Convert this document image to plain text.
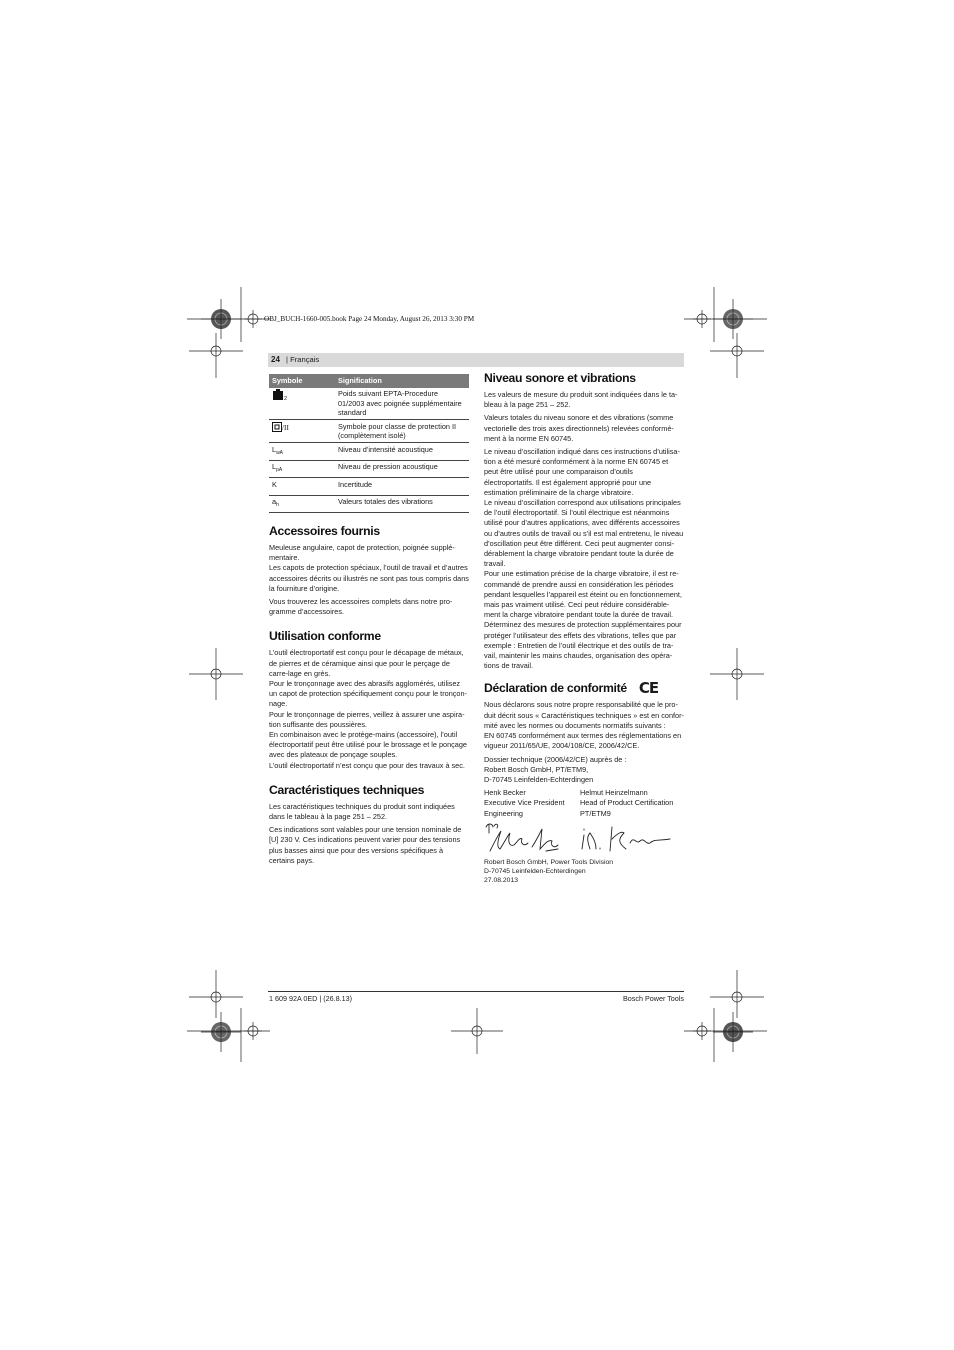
OBJ_BUCH-1660-005.book Page 24 Monday, August 26, 2013 3:30 PM
24 | Français
Symbole	Signification
2	Poids suivant EPTA-Procedure 01/2003 avec poignée supplémentaire standard
/II	Symbole pour classe de protection II (complètement isolé)
$L_{wA}$	Niveau d’intensité acoustique
$L_{pA}$	Niveau de pression acoustique
K	Incertitude
$a_h$	Valeurs totales des vibrations
Accessoires fournis

Meuleuse angulaire, capot de protection, poignée supplé-mentaire.

Les capots de protection spéciaux, l’outil de travail et d’autres accessoires décrits ou illustrés ne sont pas tous compris dans la fourniture d’origine.

Vous trouverez les accessoires complets dans notre pro-gramme d’accessoires.

Utilisation conforme

L’outil électroportatif est conçu pour le décapage de métaux, de pierres et de céramique ainsi que pour le perçage de carre-lage en grès.

Pour le tronçonnage avec des abrasifs agglomérés, utilisez un capot de protection spécifiquement conçu pour le tronçon-nage.

Pour le tronçonnage de pierres, veillez à assurer une aspira-tion suffisante des poussières.

En combinaison avec le protège-mains (accessoire), l’outil électroportatif peut être utilisé pour le brossage et le ponçage avec des plateaux de ponçage souples.

L’outil électroportatif n’est conçu que pour des travaux à sec.

Caractéristiques techniques

Les caractéristiques techniques du produit sont indiquées dans le tableau à la page 251 – 252.

Ces indications sont valables pour une tension nominale de [U] 230 V. Ces indications peuvent varier pour des tensions plus basses ainsi que pour des versions spécifiques à certains pays.

Niveau sonore et vibrations

Les valeurs de mesure du produit sont indiquées dans le ta-bleau à la page 251 – 252.

Valeurs totales du niveau sonore et des vibrations (somme vectorielle des trois axes directionnels) relevées conformé-ment à la norme EN 60745.

Le niveau d’oscillation indiqué dans ces instructions d’utilisa-tion a été mesuré conformément à la norme EN 60745 et peut être utilisé pour une comparaison d’outils électroportatifs. Il est également approprié pour une estimation préliminaire de la charge vibratoire.

Le niveau d’oscillation correspond aux utilisations principales de l’outil électroportatif. Si l’outil électrique est néanmoins utilisé pour d’autres applications, avec différents accessoires ou d’autres outils de travail ou s’il est mal entretenu, le niveau d’oscillation peut être différent. Ceci peut augmenter consi-dérablement la charge vibratoire pendant toute la durée de travail.

Pour une estimation précise de la charge vibratoire, il est re-commandé de prendre aussi en considération les périodes pendant lesquelles l’appareil est éteint ou en fonctionnement, mais pas vraiment utilisé. Ceci peut réduire considérable-ment la charge vibratoire pendant toute la durée de travail.

Déterminez des mesures de protection supplémentaires pour protéger l’utilisateur des effets des vibrations, telles que par exemple : Entretien de l’outil électrique et des outils de tra-vail, maintenir les mains chaudes, organisation des opéra-tions de travail.

Déclaration de conformité CE

Nous déclarons sous notre propre responsabilité que le pro-duit décrit sous « Caractéristiques techniques » est en confor-mité avec les normes ou documents normatifs suivants :

EN 60745 conformément aux termes des réglementations en vigueur 2011/65/UE, 2004/108/CE, 2006/42/CE.

Dossier technique (2006/42/CE) auprès de :

Robert Bosch GmbH, PT/ETM9,

D-70745 Leinfelden-Echterdingen

Henk Becker	Helmut Heinzelmann
Executive Vice President	Head of Product Certification
Engineering	PT/ETM9

Robert Bosch GmbH, Power Tools Division

D-70745 Leinfelden-Echterdingen

27.08.2013

1 609 92A 0ED | (26.8.13)	Bosch Power Tools
